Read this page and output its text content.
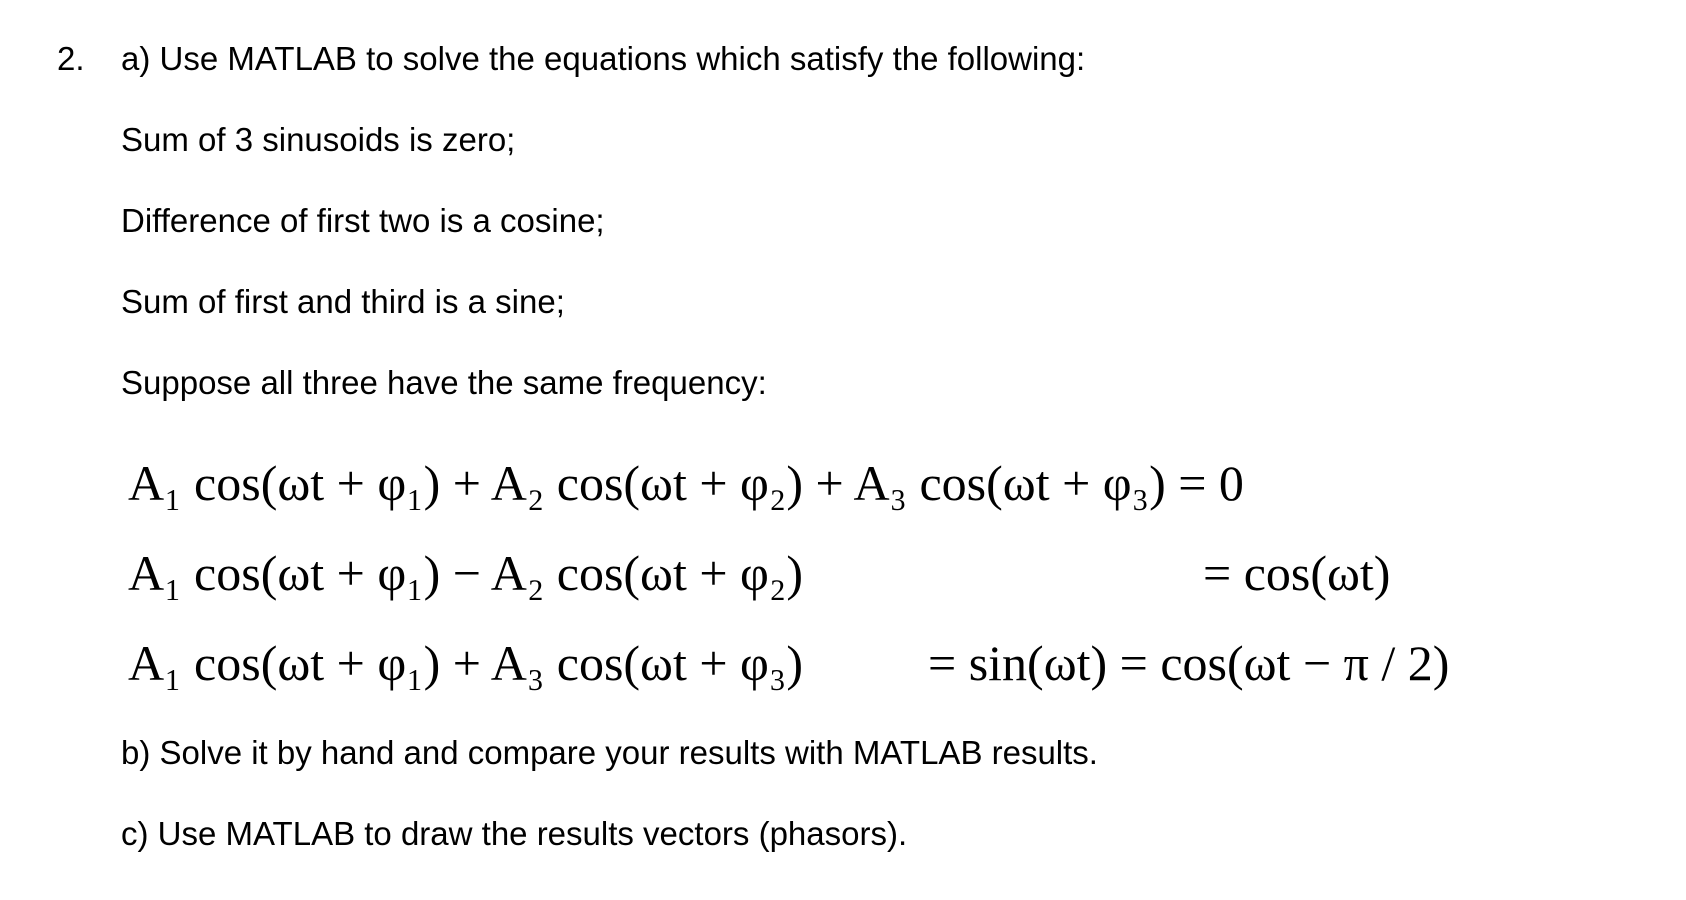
2. a) Use MATLAB to solve the equations which satisfy the following:
Sum of 3 sinusoids is zero;
Difference of first two is a cosine;
Sum of first and third is a sine;
Suppose all three have the same frequency:
A₁ cos(ωt + φ₁) + A₂ cos(ωt + φ₂) + A₃ cos(ωt + φ₃) = 0
A₁ cos(ωt + φ₁) − A₂ cos(ωt + φ₂)	= cos(ωt)
A₁ cos(ωt + φ₁) + A₃ cos(ωt + φ₃)	= sin(ωt) = cos(ωt − π / 2)
b) Solve it by hand and compare your results with MATLAB results.
c) Use MATLAB to draw the results vectors (phasors).
